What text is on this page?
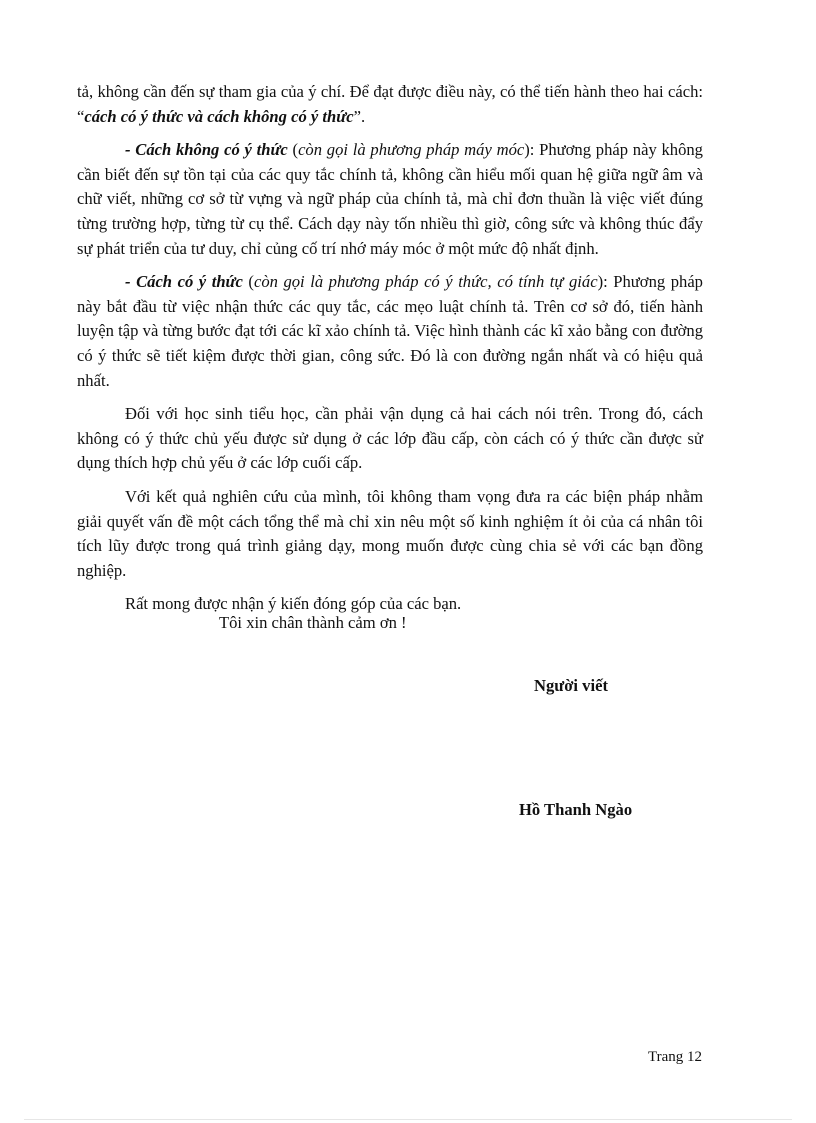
tả, không cần đến sự tham gia của ý chí. Để đạt được điều này, có thể tiến hành theo hai cách: “cách có ý thức và cách không có ý thức”.

- Cách không có ý thức (còn gọi là phương pháp máy móc): Phương pháp này không cần biết đến sự tồn tại của các quy tắc chính tả, không cần hiểu mối quan hệ giữa ngữ âm và chữ viết, những cơ sở từ vựng và ngữ pháp của chính tả, mà chỉ đơn thuần là việc viết đúng từng trường hợp, từng từ cụ thể. Cách dạy này tốn nhiều thì giờ, công sức và không thúc đẩy sự phát triển của tư duy, chỉ củng cố trí nhớ máy móc ở một mức độ nhất định.

- Cách có ý thức (còn gọi là phương pháp có ý thức, có tính tự giác): Phương pháp này bắt đầu từ việc nhận thức các quy tắc, các mẹo luật chính tả. Trên cơ sở đó, tiến hành luyện tập và từng bước đạt tới các kĩ xảo chính tả. Việc hình thành các kĩ xảo bằng con đường có ý thức sẽ tiết kiệm được thời gian, công sức. Đó là con đường ngắn nhất và có hiệu quả nhất.

Đối với học sinh tiểu học, cần phải vận dụng cả hai cách nói trên. Trong đó, cách không có ý thức chủ yếu được sử dụng ở các lớp đầu cấp, còn cách có ý thức cần được sử dụng thích hợp chủ yếu ở các lớp cuối cấp.

Với kết quả nghiên cứu của mình, tôi không tham vọng đưa ra các biện pháp nhằm giải quyết vấn đề một cách tổng thể mà chỉ xin nêu một số kinh nghiệm ít ỏi của cá nhân tôi tích lũy được trong quá trình giảng dạy, mong muốn được cùng chia sẻ với các bạn đồng nghiệp.

Rất mong được nhận ý kiến đóng góp của các bạn.

Tôi xin chân thành cảm ơn !

Người viết

Hồ Thanh Ngào

Trang 12
